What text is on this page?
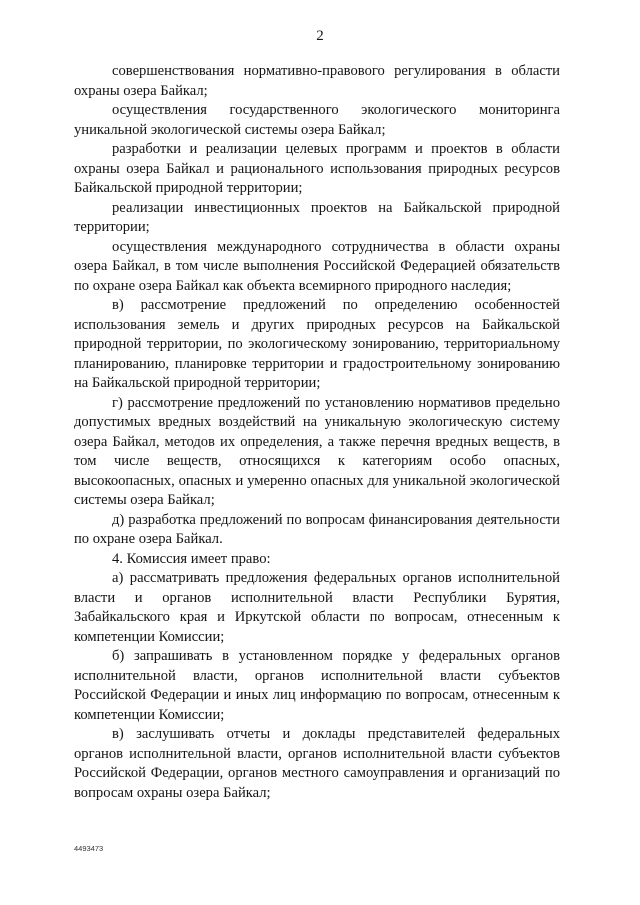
2

совершенствования нормативно-правового регулирования в области охраны озера Байкал;

осуществления государственного экологического мониторинга уникальной экологической системы озера Байкал;

разработки и реализации целевых программ и проектов в области охраны озера Байкал и рационального использования природных ресурсов Байкальской природной территории;

реализации инвестиционных проектов на Байкальской природной территории;

осуществления международного сотрудничества в области охраны озера Байкал, в том числе выполнения Российской Федерацией обязательств по охране озера Байкал как объекта всемирного природного наследия;

в) рассмотрение предложений по определению особенностей использования земель и других природных ресурсов на Байкальской природной территории, по экологическому зонированию, территориальному планированию, планировке территории и градостроительному зонированию на Байкальской природной территории;

г) рассмотрение предложений по установлению нормативов предельно допустимых вредных воздействий на уникальную экологическую систему озера Байкал, методов их определения, а также перечня вредных веществ, в том числе веществ, относящихся к категориям особо опасных, высокоопасных, опасных и умеренно опасных для уникальной экологической системы озера Байкал;

д) разработка предложений по вопросам финансирования деятельности по охране озера Байкал.

4. Комиссия имеет право:

а) рассматривать предложения федеральных органов исполнительной власти и органов исполнительной власти Республики Бурятия, Забайкальского края и Иркутской области по вопросам, отнесенным к компетенции Комиссии;

б) запрашивать в установленном порядке у федеральных органов исполнительной власти, органов исполнительной власти субъектов Российской Федерации и иных лиц информацию по вопросам, отнесенным к компетенции Комиссии;

в) заслушивать отчеты и доклады представителей федеральных органов исполнительной власти, органов исполнительной власти субъектов Российской Федерации, органов местного самоуправления и организаций по вопросам охраны озера Байкал;

4493473
